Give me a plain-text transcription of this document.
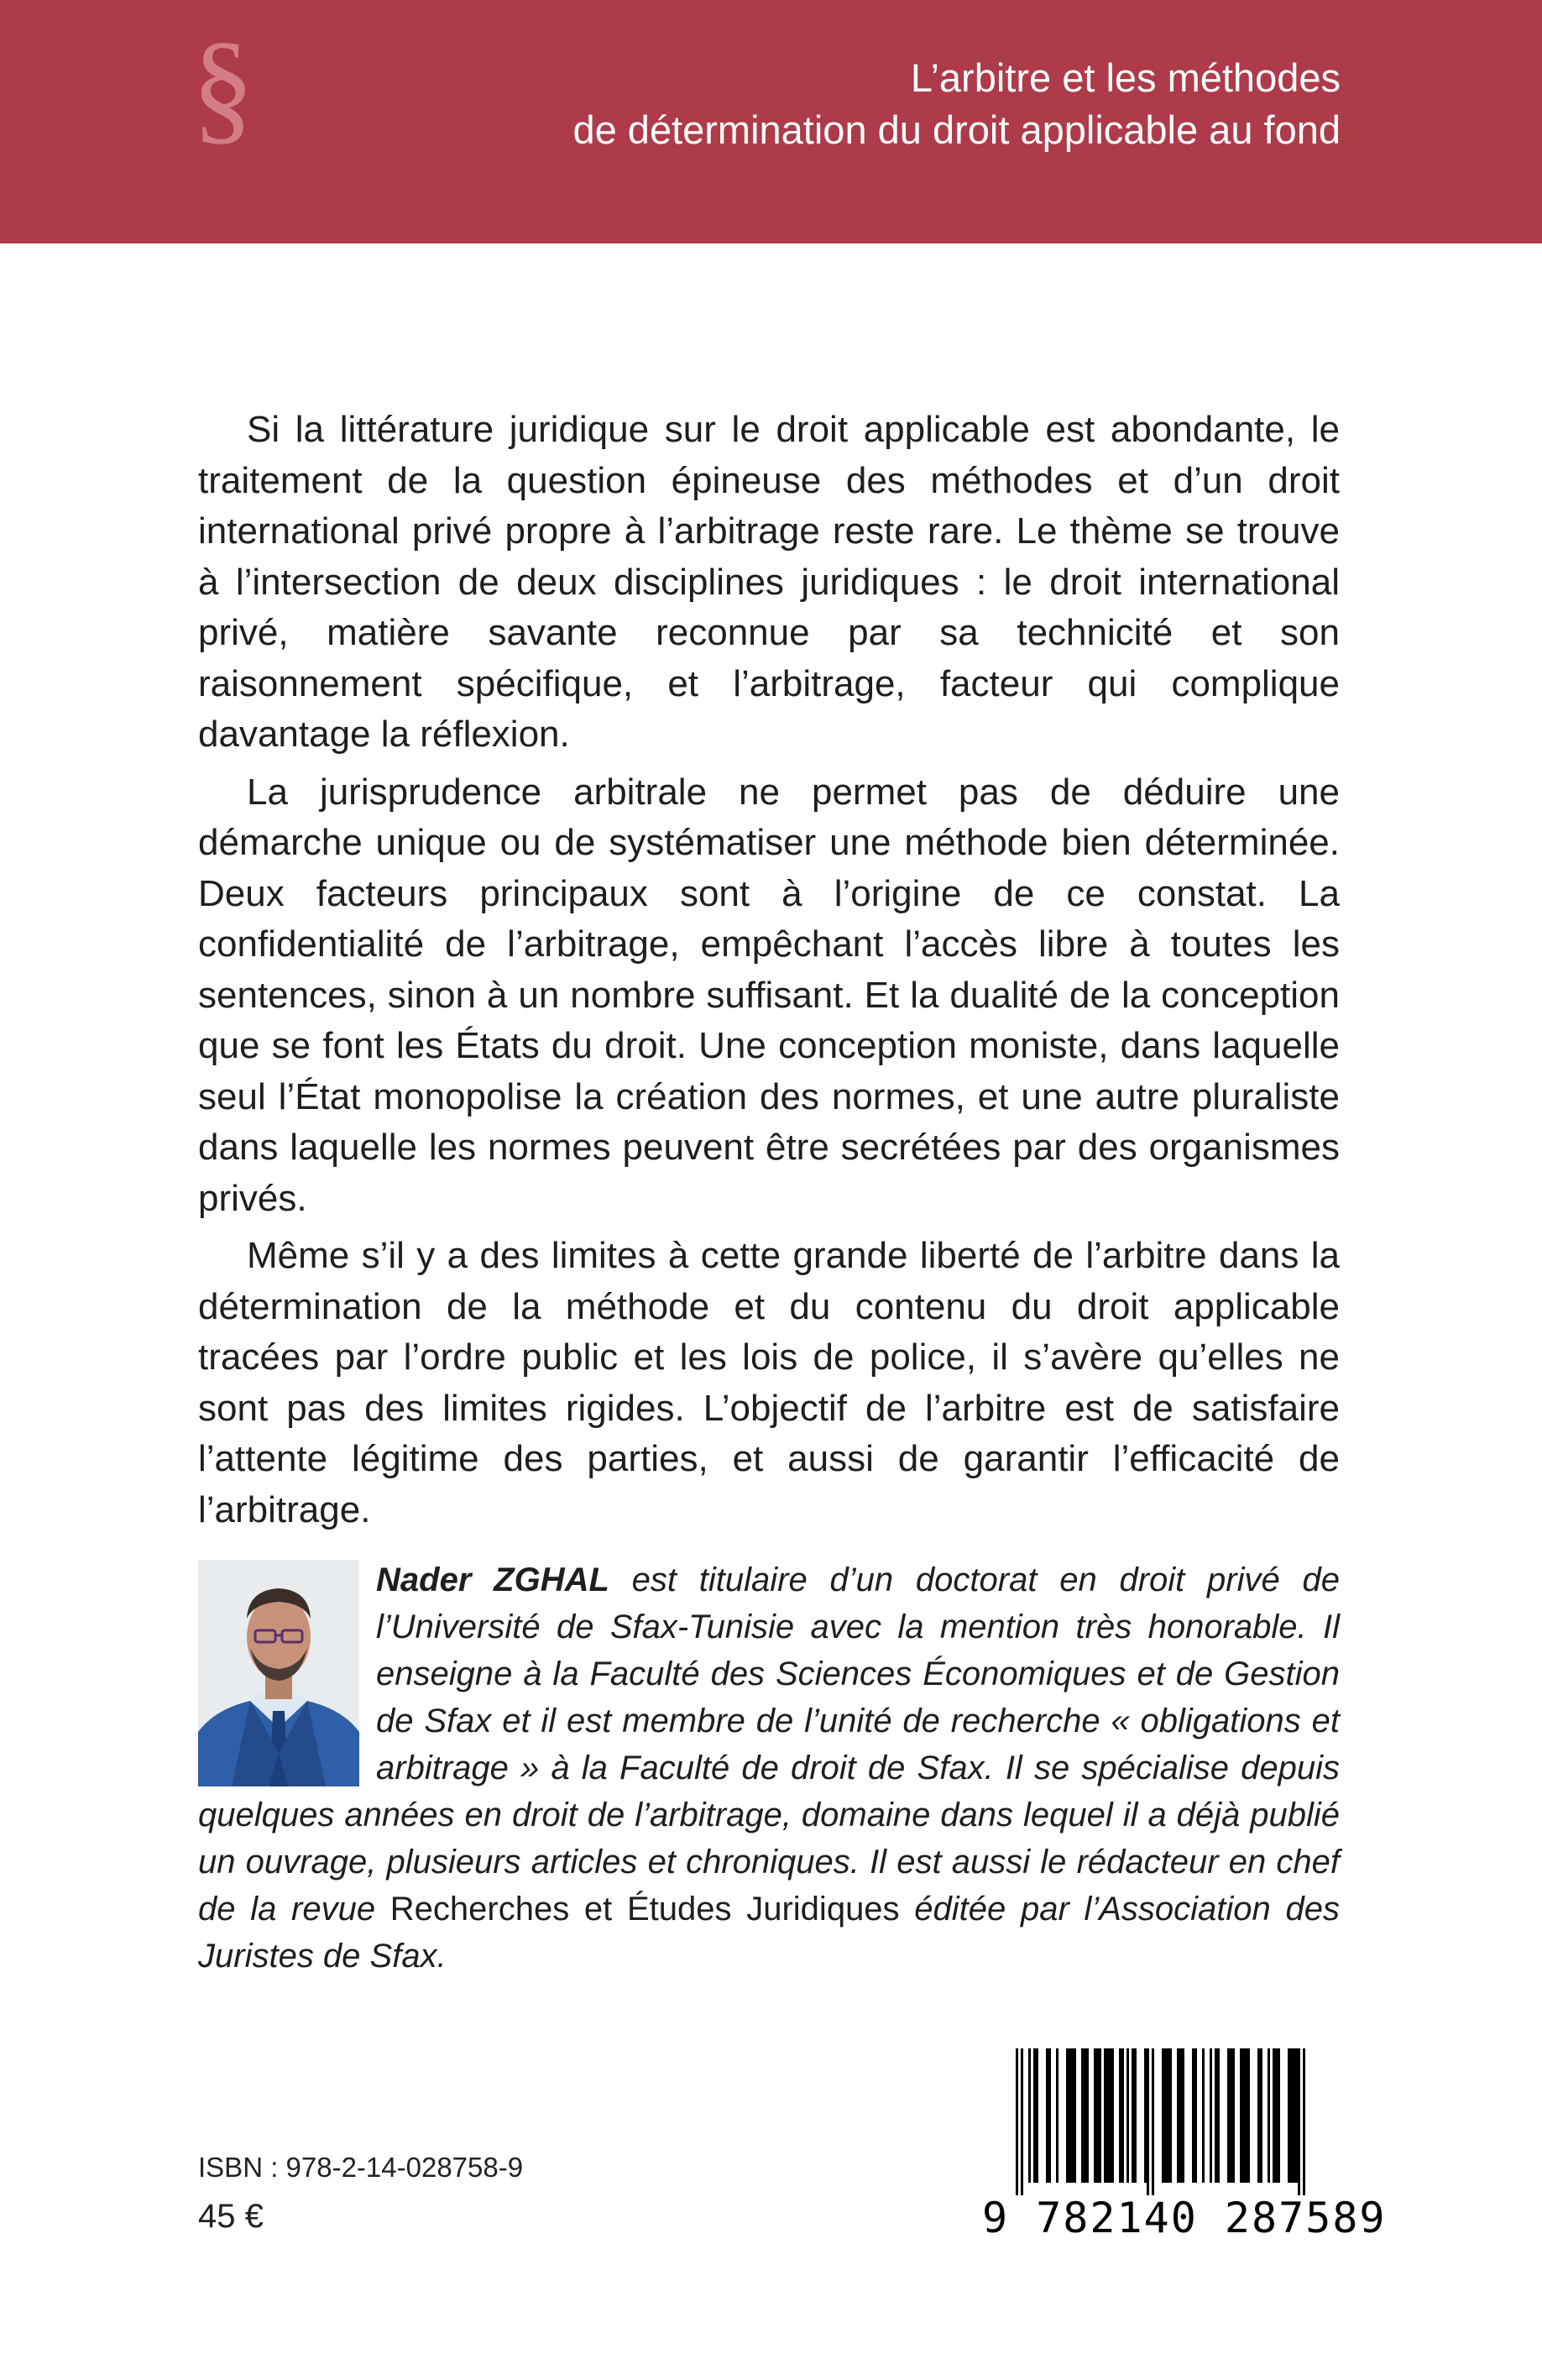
§	L’arbitre et les méthodes
de détermination du droit applicable au fond

Si la littérature juridique sur le droit applicable est abondante, le traitement de la question épineuse des méthodes et d’un droit international privé propre à l’arbitrage reste rare. Le thème se trouve à l’intersection de deux disciplines juridiques : le droit international privé, matière savante reconnue par sa technicité et son raisonnement spécifique, et l’arbitrage, facteur qui complique davantage la réflexion.

La jurisprudence arbitrale ne permet pas de déduire une démarche unique ou de systématiser une méthode bien déterminée. Deux facteurs principaux sont à l’origine de ce constat. La confidentialité de l’arbitrage, empêchant l’accès libre à toutes les sentences, sinon à un nombre suffisant. Et la dualité de la conception que se font les États du droit. Une conception moniste, dans laquelle seul l’État monopolise la création des normes, et une autre pluraliste dans laquelle les normes peuvent être secrétées par des organismes privés.

Même s’il y a des limites à cette grande liberté de l’arbitre dans la détermination de la méthode et du contenu du droit applicable tracées par l’ordre public et les lois de police, il s’avère qu’elles ne sont pas des limites rigides. L’objectif de l’arbitre est de satisfaire l’attente légitime des parties, et aussi de garantir l’efficacité de l’arbitrage.

Nader ZGHAL est titulaire d’un doctorat en droit privé de l’Université de Sfax-Tunisie avec la mention très honorable. Il enseigne à la Faculté des Sciences Économiques et de Gestion de Sfax et il est membre de l’unité de recherche « obligations et arbitrage » à la Faculté de droit de Sfax. Il se spécialise depuis quelques années en droit de l’arbitrage, domaine dans lequel il a déjà publié un ouvrage, plusieurs articles et chroniques. Il est aussi le rédacteur en chef de la revue Recherches et Études Juridiques éditée par l’Association des Juristes de Sfax.
ISBN : 978-2-14-028758-9
45 €	9 782140 287589
